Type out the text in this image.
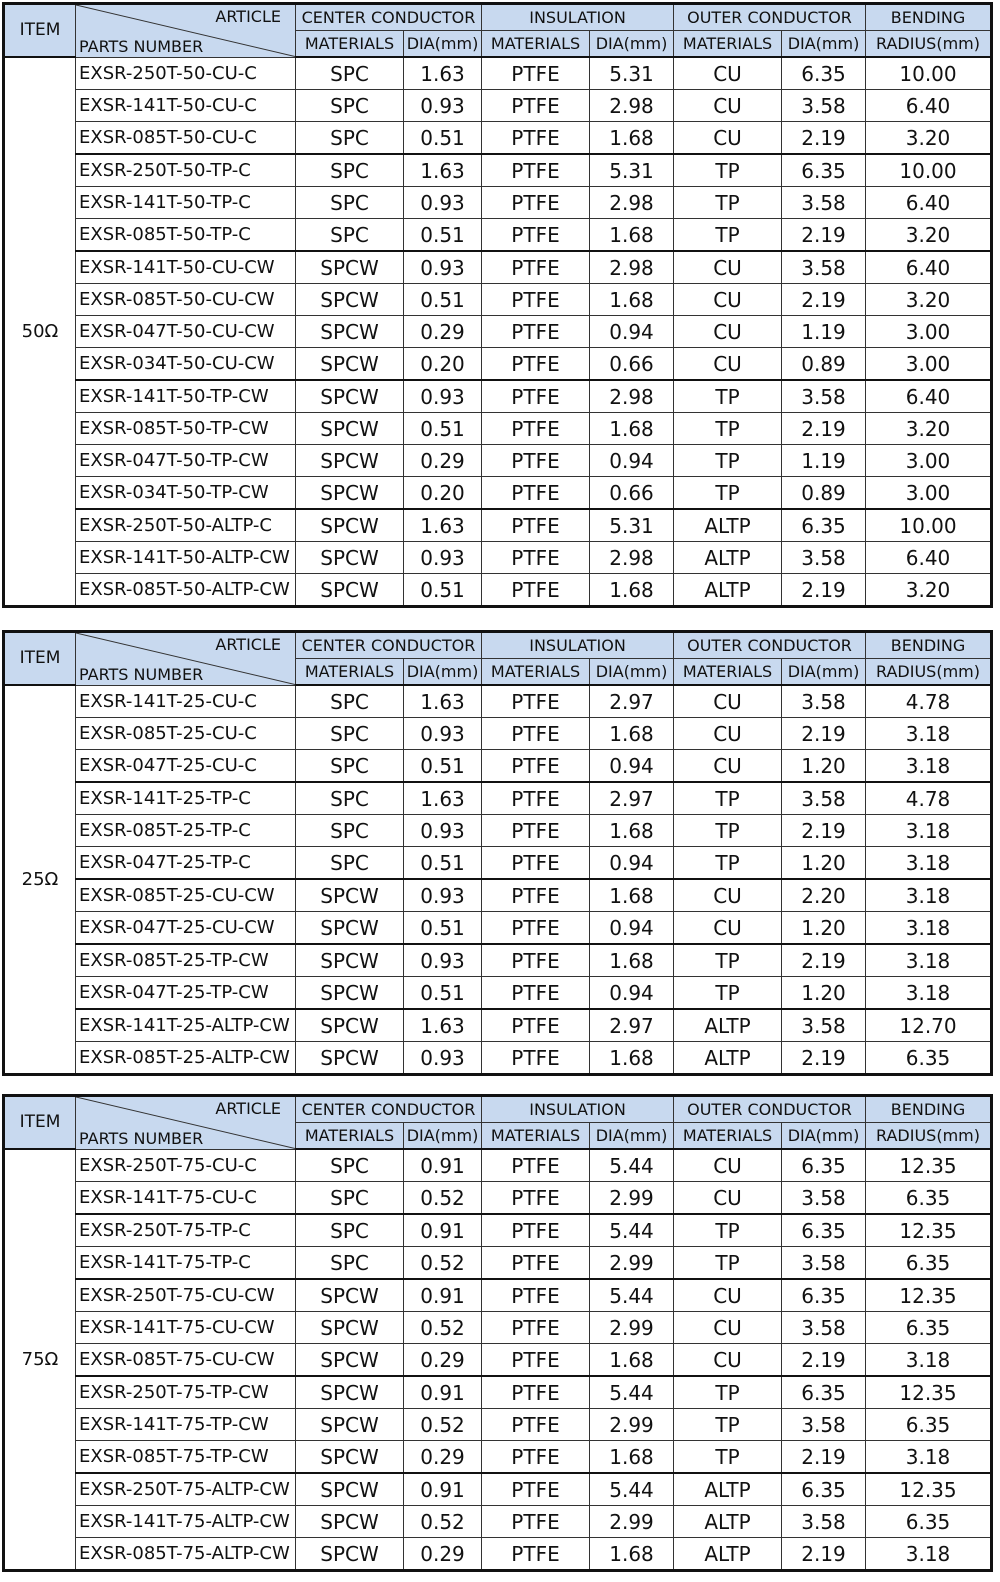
ITEM	ARTICLE
PARTS NUMBER	CENTER CONDUCTOR		INSULATION		OUTER CONDUCTOR		BENDING
		MATERIALS	DIA(mm)	MATERIALS	DIA(mm)	MATERIALS	DIA(mm)	RADIUS(mm)
50Ω	EXSR-250T-50-CU-C	SPC	1.63	PTFE	5.31	CU	6.35	10.00
	EXSR-141T-50-CU-C	SPC	0.93	PTFE	2.98	CU	3.58	6.40
	EXSR-085T-50-CU-C	SPC	0.51	PTFE	1.68	CU	2.19	3.20
	EXSR-250T-50-TP-C	SPC	1.63	PTFE	5.31	TP	6.35	10.00
	EXSR-141T-50-TP-C	SPC	0.93	PTFE	2.98	TP	3.58	6.40
	EXSR-085T-50-TP-C	SPC	0.51	PTFE	1.68	TP	2.19	3.20
	EXSR-141T-50-CU-CW	SPCW	0.93	PTFE	2.98	CU	3.58	6.40
	EXSR-085T-50-CU-CW	SPCW	0.51	PTFE	1.68	CU	2.19	3.20
	EXSR-047T-50-CU-CW	SPCW	0.29	PTFE	0.94	CU	1.19	3.00
	EXSR-034T-50-CU-CW	SPCW	0.20	PTFE	0.66	CU	0.89	3.00
	EXSR-141T-50-TP-CW	SPCW	0.93	PTFE	2.98	TP	3.58	6.40
	EXSR-085T-50-TP-CW	SPCW	0.51	PTFE	1.68	TP	2.19	3.20
	EXSR-047T-50-TP-CW	SPCW	0.29	PTFE	0.94	TP	1.19	3.00
	EXSR-034T-50-TP-CW	SPCW	0.20	PTFE	0.66	TP	0.89	3.00
	EXSR-250T-50-ALTP-C	SPCW	1.63	PTFE	5.31	ALTP	6.35	10.00
	EXSR-141T-50-ALTP-CW	SPCW	0.93	PTFE	2.98	ALTP	3.58	6.40
	EXSR-085T-50-ALTP-CW	SPCW	0.51	PTFE	1.68	ALTP	2.19	3.20
ITEM	ARTICLE
PARTS NUMBER	CENTER CONDUCTOR		INSULATION		OUTER CONDUCTOR		BENDING
		MATERIALS	DIA(mm)	MATERIALS	DIA(mm)	MATERIALS	DIA(mm)	RADIUS(mm)
25Ω	EXSR-141T-25-CU-C	SPC	1.63	PTFE	2.97	CU	3.58	4.78
	EXSR-085T-25-CU-C	SPC	0.93	PTFE	1.68	CU	2.19	3.18
	EXSR-047T-25-CU-C	SPC	0.51	PTFE	0.94	CU	1.20	3.18
	EXSR-141T-25-TP-C	SPC	1.63	PTFE	2.97	TP	3.58	4.78
	EXSR-085T-25-TP-C	SPC	0.93	PTFE	1.68	TP	2.19	3.18
	EXSR-047T-25-TP-C	SPC	0.51	PTFE	0.94	TP	1.20	3.18
	EXSR-085T-25-CU-CW	SPCW	0.93	PTFE	1.68	CU	2.20	3.18
	EXSR-047T-25-CU-CW	SPCW	0.51	PTFE	0.94	CU	1.20	3.18
	EXSR-085T-25-TP-CW	SPCW	0.93	PTFE	1.68	TP	2.19	3.18
	EXSR-047T-25-TP-CW	SPCW	0.51	PTFE	0.94	TP	1.20	3.18
	EXSR-141T-25-ALTP-CW	SPCW	1.63	PTFE	2.97	ALTP	3.58	12.70
	EXSR-085T-25-ALTP-CW	SPCW	0.93	PTFE	1.68	ALTP	2.19	6.35
ITEM	ARTICLE
PARTS NUMBER	CENTER CONDUCTOR		INSULATION		OUTER CONDUCTOR		BENDING
		MATERIALS	DIA(mm)	MATERIALS	DIA(mm)	MATERIALS	DIA(mm)	RADIUS(mm)
75Ω	EXSR-250T-75-CU-C	SPC	0.91	PTFE	5.44	CU	6.35	12.35
	EXSR-141T-75-CU-C	SPC	0.52	PTFE	2.99	CU	3.58	6.35
	EXSR-250T-75-TP-C	SPC	0.91	PTFE	5.44	TP	6.35	12.35
	EXSR-141T-75-TP-C	SPC	0.52	PTFE	2.99	TP	3.58	6.35
	EXSR-250T-75-CU-CW	SPCW	0.91	PTFE	5.44	CU	6.35	12.35
	EXSR-141T-75-CU-CW	SPCW	0.52	PTFE	2.99	CU	3.58	6.35
	EXSR-085T-75-CU-CW	SPCW	0.29	PTFE	1.68	CU	2.19	3.18
	EXSR-250T-75-TP-CW	SPCW	0.91	PTFE	5.44	TP	6.35	12.35
	EXSR-141T-75-TP-CW	SPCW	0.52	PTFE	2.99	TP	3.58	6.35
	EXSR-085T-75-TP-CW	SPCW	0.29	PTFE	1.68	TP	2.19	3.18
	EXSR-250T-75-ALTP-CW	SPCW	0.91	PTFE	5.44	ALTP	6.35	12.35
	EXSR-141T-75-ALTP-CW	SPCW	0.52	PTFE	2.99	ALTP	3.58	6.35
	EXSR-085T-75-ALTP-CW	SPCW	0.29	PTFE	1.68	ALTP	2.19	3.18
